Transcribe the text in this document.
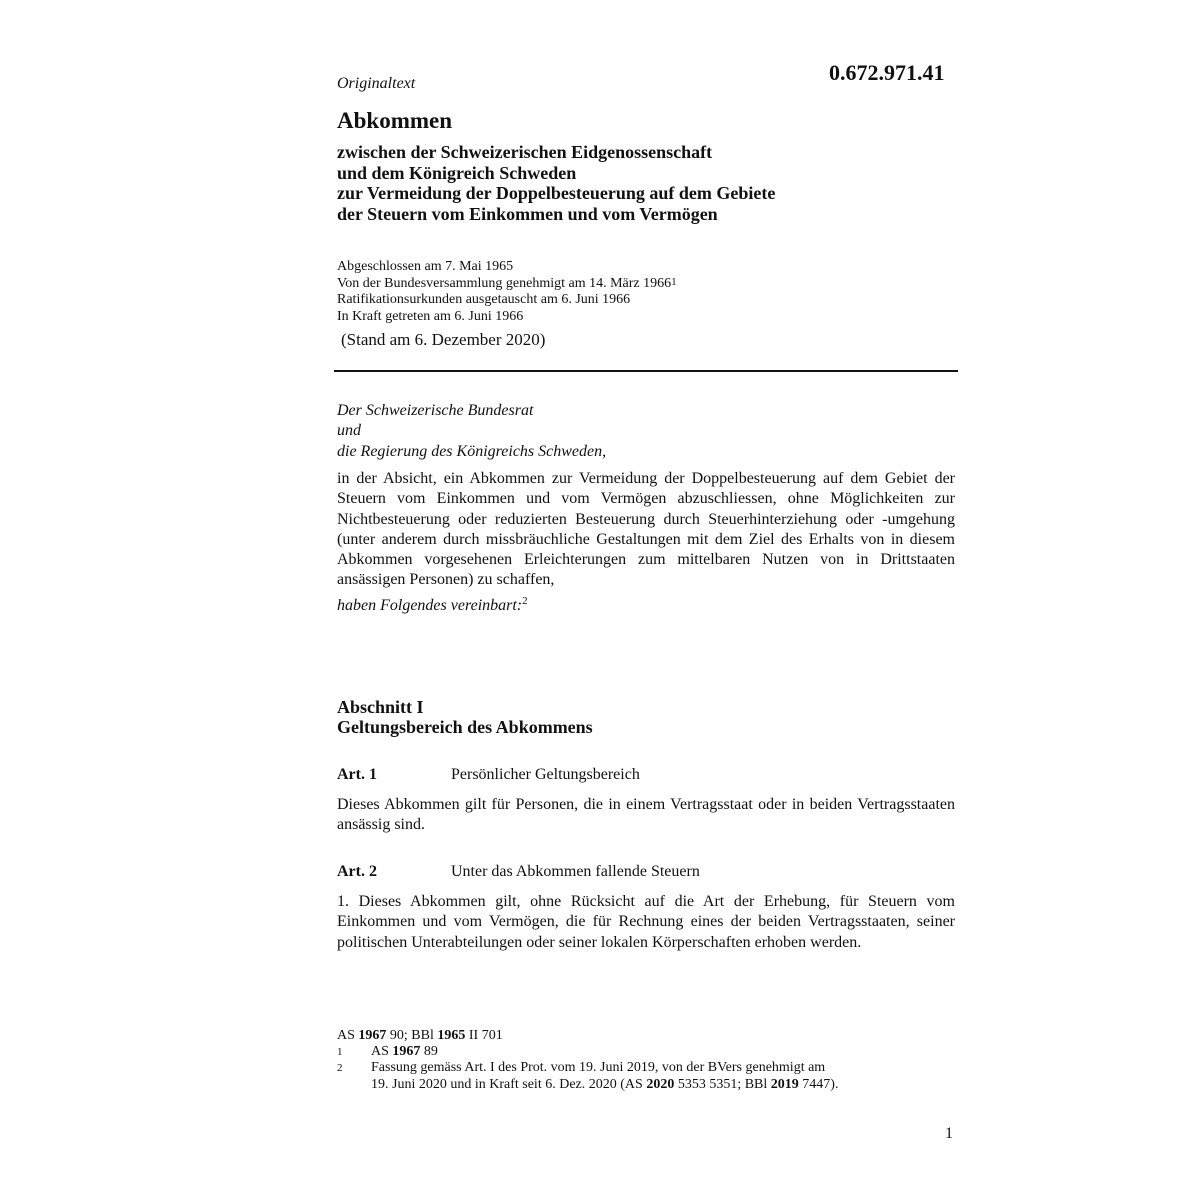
Originaltext	0.672.971.41
Abkommen
zwischen der Schweizerischen Eidgenossenschaft
und dem Königreich Schweden
zur Vermeidung der Doppelbesteuerung auf dem Gebiete
der Steuern vom Einkommen und vom Vermögen
Abgeschlossen am 7. Mai 1965
Von der Bundesversammlung genehmigt am 14. März 1966$^1$
Ratifikationsurkunden ausgetauscht am 6. Juni 1966
In Kraft getreten am 6. Juni 1966
(Stand am 6. Dezember 2020)
Der Schweizerische Bundesrat
und
die Regierung des Königreichs Schweden,
in der Absicht, ein Abkommen zur Vermeidung der Doppelbesteuerung auf dem Gebiet der Steuern vom Einkommen und vom Vermögen abzuschliessen, ohne Möglichkeiten zur Nichtbesteuerung oder reduzierten Besteuerung durch Steuerhinterziehung oder -umgehung (unter anderem durch missbräuchliche Gestaltungen mit dem Ziel des Erhalts von in diesem Abkommen vorgesehenen Erleichterungen zum mittelbaren Nutzen von in Drittstaaten ansässigen Personen) zu schaffen,
haben Folgendes vereinbart:$^2$
Abschnitt I
Geltungsbereich des Abkommens
Art. 1	Persönlicher Geltungsbereich
Dieses Abkommen gilt für Personen, die in einem Vertragsstaat oder in beiden Vertragsstaaten ansässig sind.
Art. 2	Unter das Abkommen fallende Steuern
1. Dieses Abkommen gilt, ohne Rücksicht auf die Art der Erhebung, für Steuern vom Einkommen und vom Vermögen, die für Rechnung eines der beiden Vertragsstaaten, seiner politischen Unterabteilungen oder seiner lokalen Körperschaften erhoben werden.
AS 1967 90; BBl 1965 II 701
1	AS 1967 89
2	Fassung gemäss Art. I des Prot. vom 19. Juni 2019, von der BVers genehmigt am
19. Juni 2020 und in Kraft seit 6. Dez. 2020 (AS 2020 5353 5351; BBl 2019 7447).
1
